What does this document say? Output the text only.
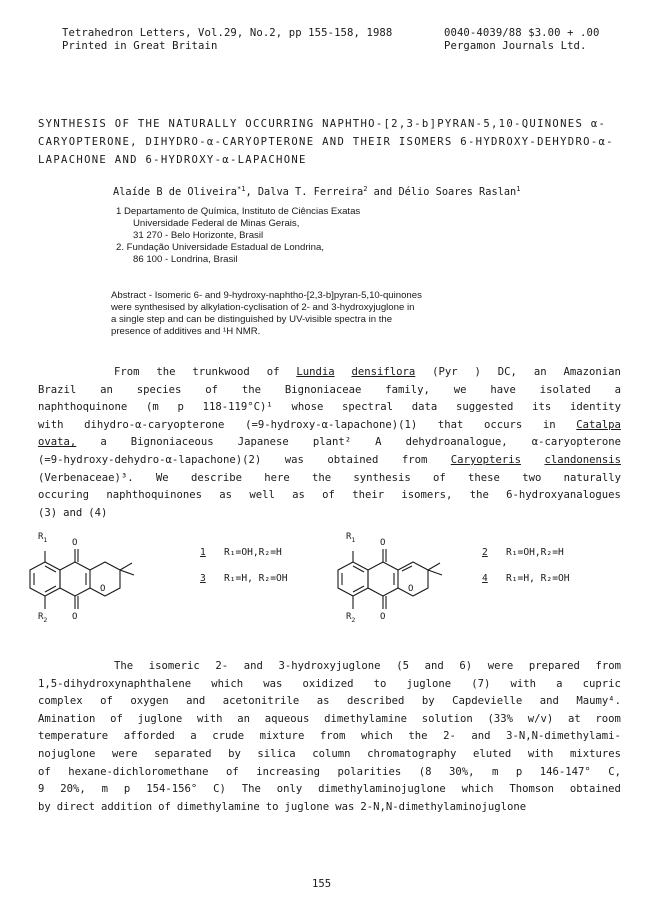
Tetrahedron Letters, Vol.29, No.2, pp 155-158, 1988	0040-4039/88 $3.00 + .00
Printed in Great Britain	Pergamon Journals Ltd.
SYNTHESIS OF THE NATURALLY OCCURRING NAPHTHO-[2,3-b]PYRAN-5,10-QUINONES α-
CARYOPTERONE, DIHYDRO-α-CARYOPTERONE AND THEIR ISOMERS 6-HYDROXY-DEHYDRO-α-
LAPACHONE AND 6-HYDROXY-α-LAPACHONE
Alaíde B de Oliveira$^{*1}$, Dalva T. Ferreira$^2$ and Délio Soares Raslan$^1$
1 Departamento de Química, Instituto de Ciências Exatas
Universidade Federal de Minas Gerais,
31 270 - Belo Horizonte, Brasil
2. Fundação Universidade Estadual de Londrina,
86 100 - Londrina, Brasil
Abstract - Isomeric 6- and 9-hydroxy-naphtho-[2,3-b]pyran-5,10-quinones
were synthesised by alkylation-cyclisation of 2- and 3-hydroxyjuglone in
a single step and can be distinguished by UV-visible spectra in the
presence of additives and ¹H NMR.
From the trunkwood of Lundia densiflora (Pyr ) DC, an Amazonian
Brazil an species of the Bignoniaceae family, we have isolated a
naphthoquinone (m p 118-119°C)¹ whose spectral data suggested its identity
with dihydro-α-caryopterone (=9-hydroxy-α-lapachone)(1) that occurs in Catalpa
ovata, a Bignoniaceous Japanese plant² A dehydroanalogue, α-caryopterone
(=9-hydroxy-dehydro-α-lapachone)(2) was obtained from Caryopteris clandonensis
(Verbenaceae)³. We describe here the synthesis of these two naturally
occuring naphthoquinones as well as of their isomers, the 6-hydroxyanalogues
(3) and (4)
$R_1$	O
O
O
$R_2$
1 R₁=OH,R₂=H
3 R₁=H, R₂=OH
$R_1$	O
O
O
$R_2$
2 R₁=OH,R₂=H
4 R₁=H, R₂=OH
The isomeric 2- and 3-hydroxyjuglone (5 and 6) were prepared from
1,5-dihydroxynaphthalene which was oxidized to juglone (7) with a cupric
complex of oxygen and acetonitrile as described by Capdevielle and Maumy⁴.
Amination of juglone with an aqueous dimethylamine solution (33% w/v) at room
temperature afforded a crude mixture from which the 2- and 3-N,N-dimethylami-
nojuglone were separated by silica column chromatography eluted with mixtures
of hexane-dichloromethane of increasing polarities (8 30%, m p 146-147° C,
9 20%, m p 154-156° C) The only dimethylaminojuglone which Thomson obtained
by direct addition of dimethylamine to juglone was 2-N,N-dimethylaminojuglone
155
